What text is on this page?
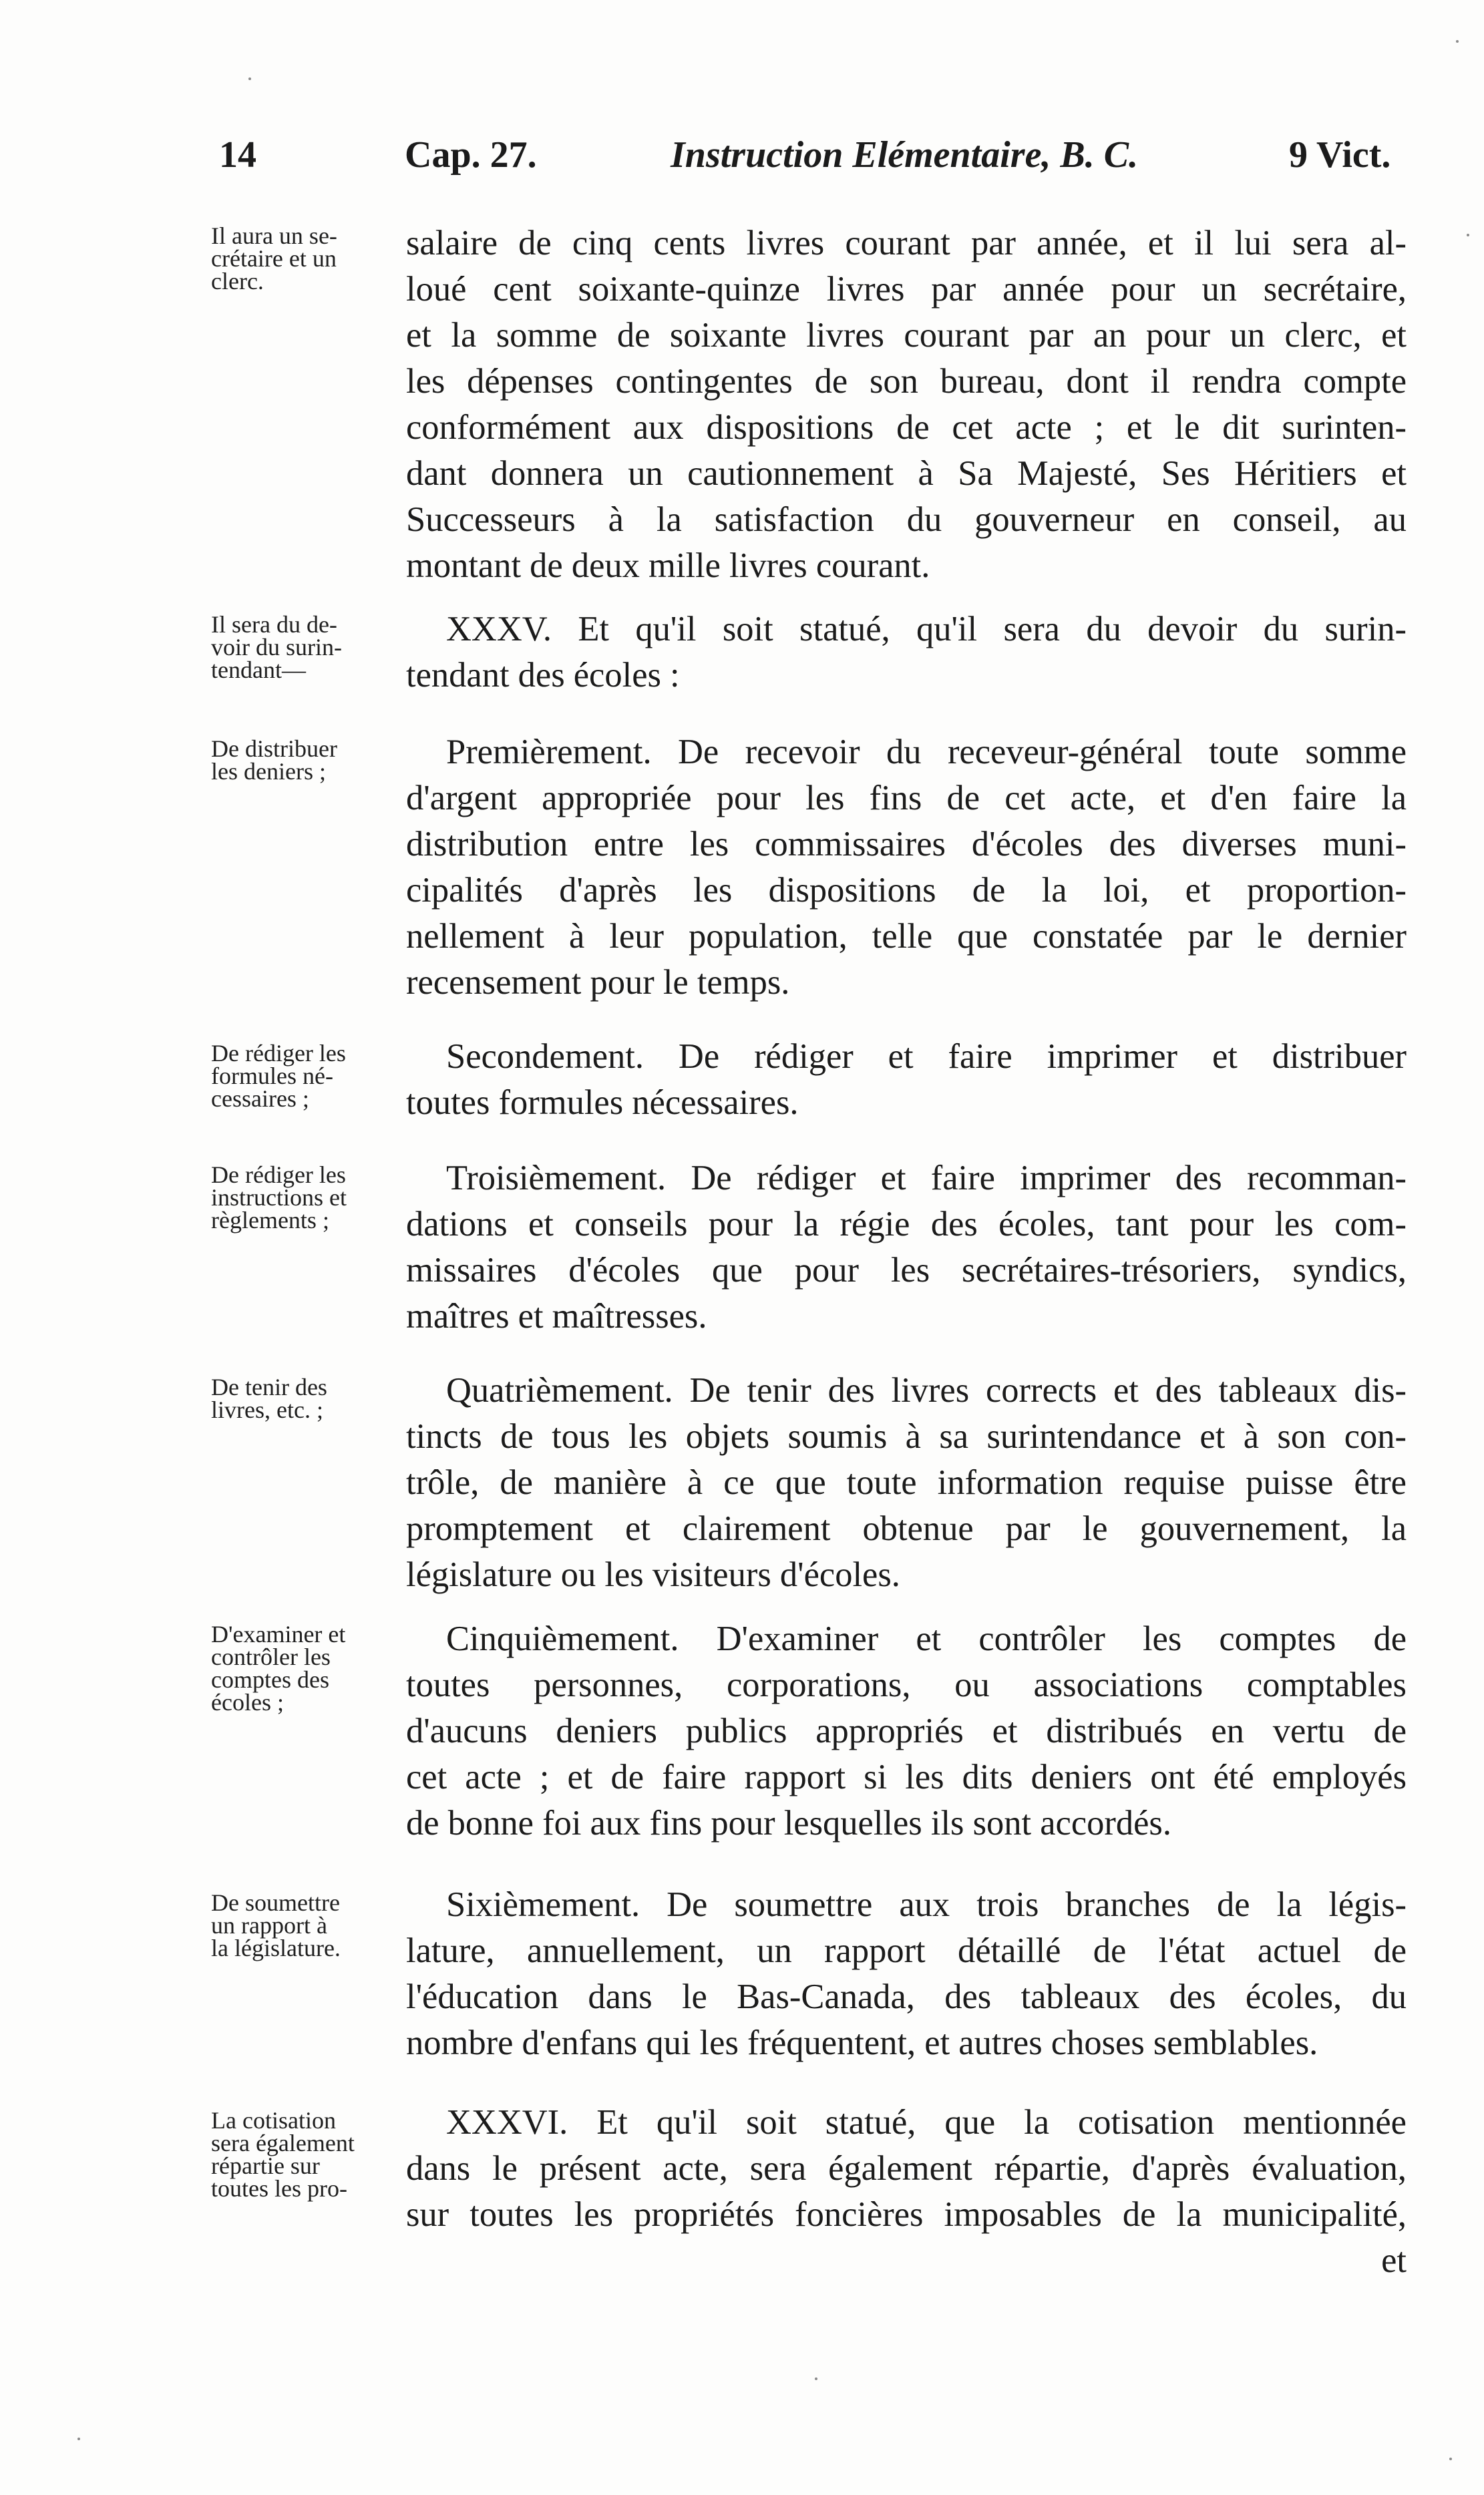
14	Cap. 27.	Instruction Elémentaire, B. C.	9 Vict.
Il aura un se-
crétaire et un
clerc.
salaire de cinq cents livres courant par année, et il lui sera al-
loué cent soixante-quinze livres par année pour un secrétaire,
et la somme de soixante livres courant par an pour un clerc, et
les dépenses contingentes de son bureau, dont il rendra compte
conformément aux dispositions de cet acte ; et le dit surinten-
dant donnera un cautionnement à Sa Majesté, Ses Héritiers et
Successeurs à la satisfaction du gouverneur en conseil, au
montant de deux mille livres courant.
Il sera du de-
voir du surin-
tendant—
XXXV. Et qu'il soit statué, qu'il sera du devoir du surin-
tendant des écoles :
De distribuer
les deniers ;	Premièrement. De recevoir du receveur-général toute somme
d'argent appropriée pour les fins de cet acte, et d'en faire la
distribution entre les commissaires d'écoles des diverses muni-
cipalités d'après les dispositions de la loi, et proportion-
nellement à leur population, telle que constatée par le dernier
recensement pour le temps.
De rédiger les
formules né-
cessaires ;
Secondement. De rédiger et faire imprimer et distribuer
toutes formules nécessaires.
De rédiger les
instructions et
règlements ;
Troisièmement. De rédiger et faire imprimer des recomman-
dations et conseils pour la régie des écoles, tant pour les com-
missaires d'écoles que pour les secrétaires-trésoriers, syndics,
maîtres et maîtresses.
De tenir des
livres, etc. ;	Quatrièmement. De tenir des livres corrects et des tableaux dis-
tincts de tous les objets soumis à sa surintendance et à son con-
trôle, de manière à ce que toute information requise puisse être
promptement et clairement obtenue par le gouvernement, la
législature ou les visiteurs d'écoles.
D'examiner et
contrôler les
comptes des
écoles ;
Cinquièmement. D'examiner et contrôler les comptes de
toutes personnes, corporations, ou associations comptables
d'aucuns deniers publics appropriés et distribués en vertu de
cet acte ; et de faire rapport si les dits deniers ont été employés
de bonne foi aux fins pour lesquelles ils sont accordés.
De soumettre
un rapport à
la législature.
Sixièmement. De soumettre aux trois branches de la légis-
lature, annuellement, un rapport détaillé de l'état actuel de
l'éducation dans le Bas-Canada, des tableaux des écoles, du
nombre d'enfans qui les fréquentent, et autres choses semblables.
La cotisation
sera également
répartie sur
toutes les pro-
XXXVI. Et qu'il soit statué, que la cotisation mentionnée
dans le présent acte, sera également répartie, d'après évaluation,
sur toutes les propriétés foncières imposables de la municipalité,
et
